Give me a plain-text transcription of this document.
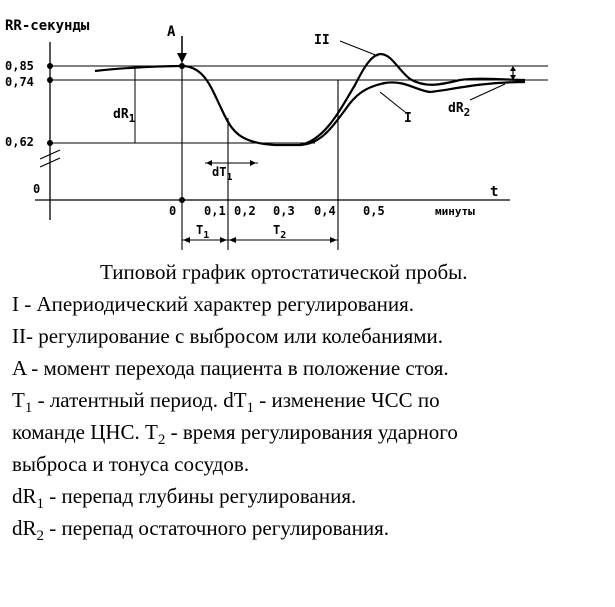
RR-секунды	A
0,85
0,74
0,62
0
$dR_1$
$dR_2$
$dT_1$
II
I
t
минуты
0 0,1 0,2 0,3 0,4 0,5
$T_1$	$T_2$
Типовой график ортостатической пробы.
I - Апериодический характер регулирования.
II- регулирование с выбросом или колебаниями.
A - момент перехода пациента в положение стоя.
$T_1$ - латентный период. $dT_1$ - изменение ЧСС по
команде ЦНС. $T_2$ - время регулирования ударного
выброса и тонуса сосудов.
$dR_1$ - перепад глубины регулирования.
$dR_2$ - перепад остаточного регулирования.
